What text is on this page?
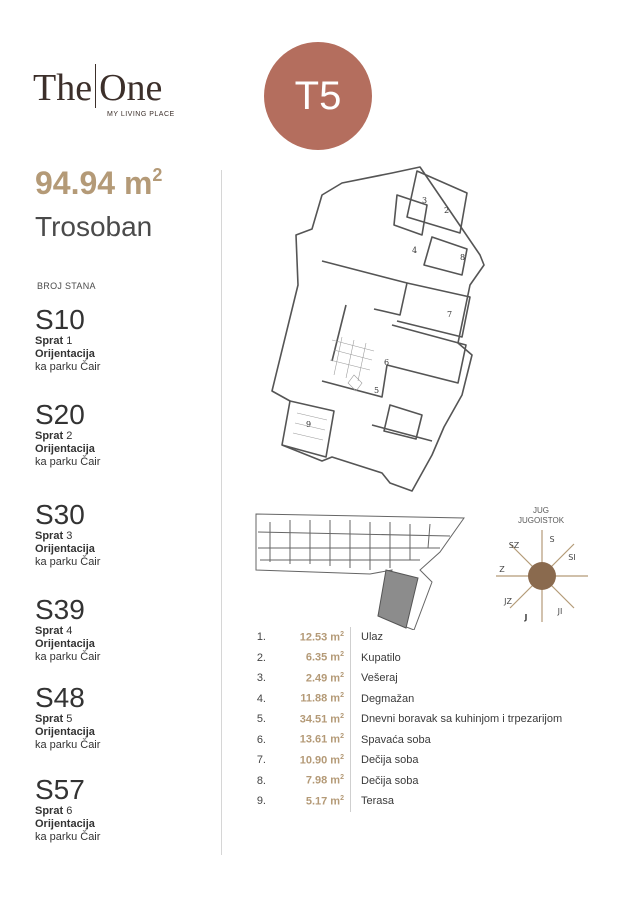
The One
MY LIVING PLACE	T5
94.94 $m^2$
Trosoban
BROJ STANA
S10
Sprat 1
Orijentacija
ka parku Čair
S20
Sprat 2
Orijentacija
ka parku Čair
S30
Sprat 3
Orijentacija
ka parku Čair
S39
Sprat 4
Orijentacija
ka parku Čair
S48
Sprat 5
Orijentacija
ka parku Čair
S57
Sprat 6
Orijentacija
ka parku Čair
2
3
4
5
6
7
8
9
JUG
JUGOISTOK
S
SI
SZ
Z
JZ
J
JI
1.	12.53 $m^2$	Ulaz
2.	6.35 $m^2$	Kupatilo
3.	2.49 $m^2$	Vešeraj
4.	11.88 $m^2$	Degmažan
5.	34.51 $m^2$	Dnevni boravak sa kuhinjom i trpezarijom
6.	13.61 $m^2$	Spavaća soba
7.	10.90 $m^2$	Dečija soba
8.	7.98 $m^2$	Dečija soba
9.	5.17 $m^2$	Terasa
